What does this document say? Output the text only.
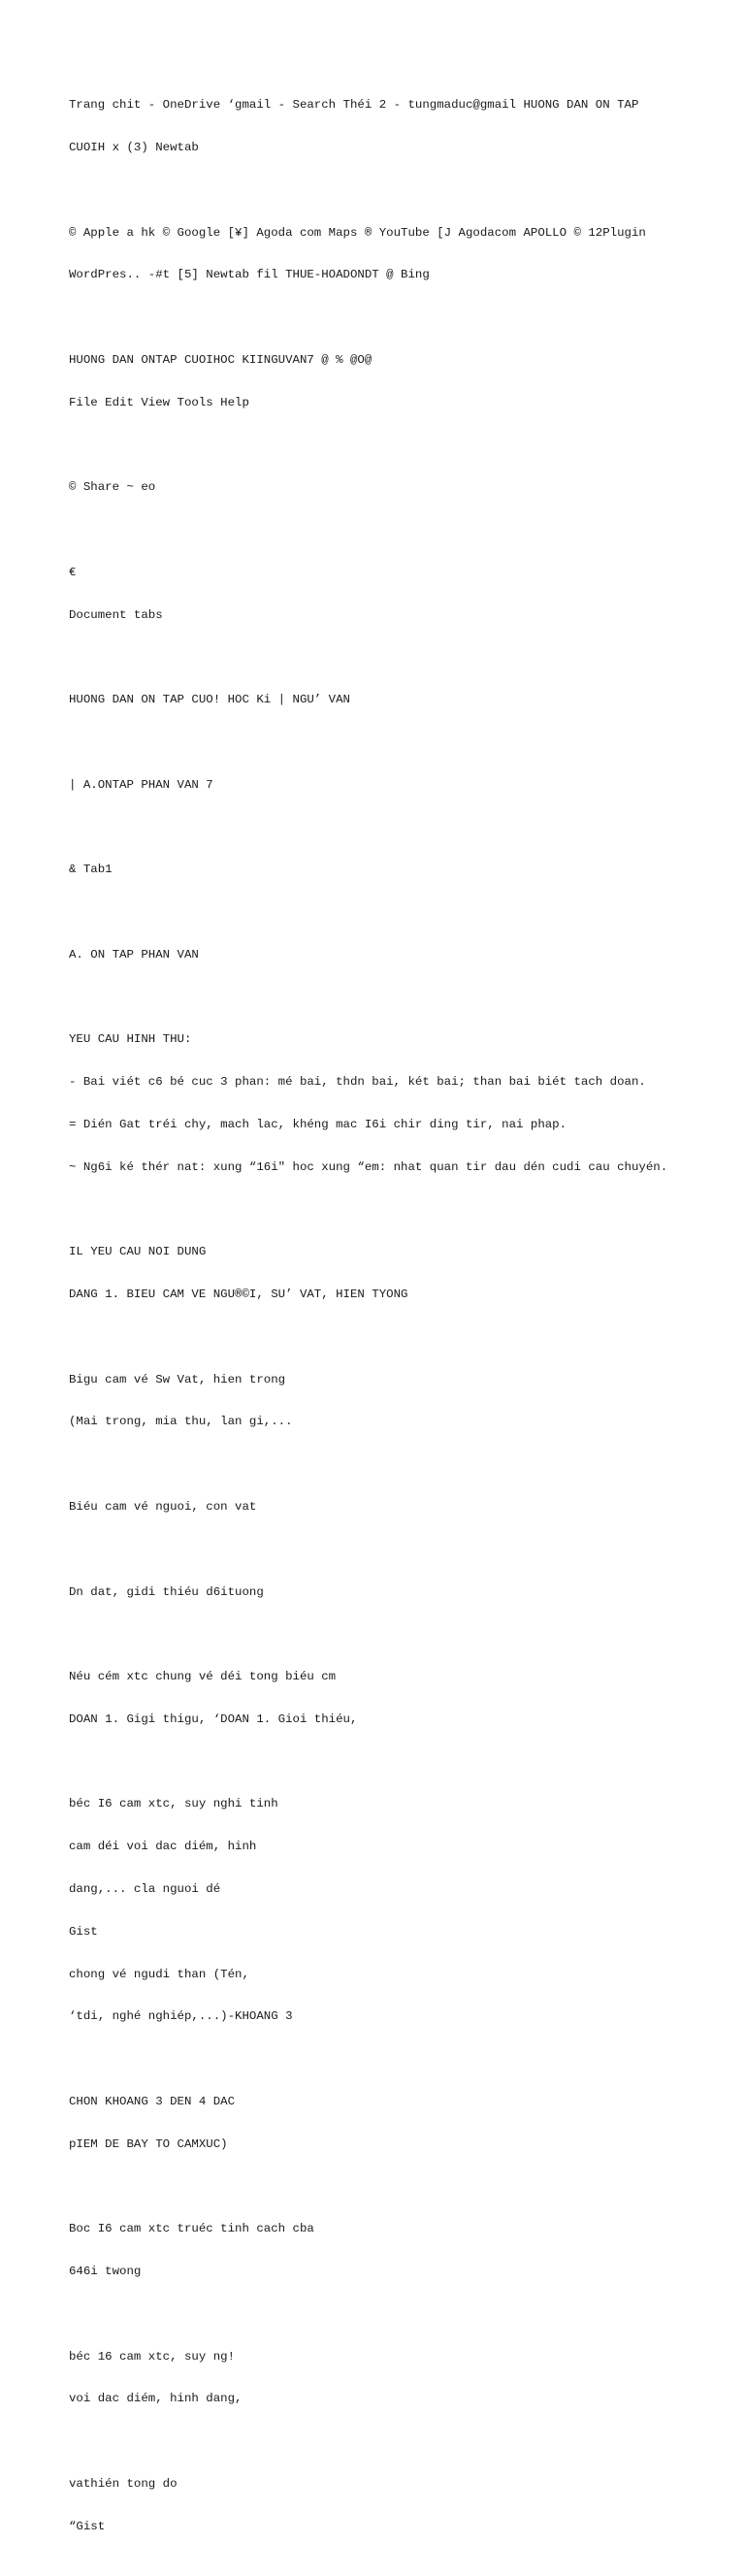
Trang chit - OneDrive ‘gmail - Search Théi 2 - tungmaduc@gmail HUONG DAN ON TAP

CUOIH x (3) Newtab

© Apple a hk © Google [¥] Agoda com Maps ® YouTube [J Agodacom APOLLO © 12Plugin

WordPres.. -#t [5] Newtab fil THUE-HOADONDT @ Bing

HUONG DAN ONTAP CUOIHOC KIINGUVAN7 @ % @O@

File Edit View Tools Help

© Share ~ eo

€

Document tabs

HUONG DAN ON TAP CUO! HOC Ki | NGU’ VAN

| A.ONTAP PHAN VAN 7

& Tab1

A. ON TAP PHAN VAN

YEU CAU HINH THU:

- Bai viét c6 bé cuc 3 phan: mé bai, thdn bai, két bai; than bai biét tach doan.

= Dién Gat tréi chy, mach lac, khéng mac I6i chir ding tir, nai phap.

~ Ng6i ké thér nat: xung “16i" hoc xung “em: nhat quan tir dau dén cudi cau chuyén.

IL YEU CAU NOI DUNG

DANG 1. BIEU CAM VE NGU®©I, SU’ VAT, HIEN TYONG

Bigu cam vé Sw Vat, hien trong

(Mai trong, mia thu, lan gi,...

Biéu cam vé nguoi, con vat

Dn dat, gidi thiéu d6ituong

Néu cém xtc chung vé déi tong biéu cm

DOAN 1. Gigi thigu, ‘DOAN 1. Gioi thiéu,

béc I6 cam xtc, suy nghi tinh

cam déi voi dac diém, hinh

dang,... cla nguoi dé

Gist

chong vé ngudi than (Tén,

‘tdi, nghé nghiép,...)-KHOANG 3

CHON KHOANG 3 DEN 4 DAC

pIEM DE BAY TO CAMXUC)

Boc I6 cam xtc truéc tinh cach cba

646i twong

béc 16 cam xtc, suy ng!

voi dac diém, hinh dang,

vathién tong do

“Gist
